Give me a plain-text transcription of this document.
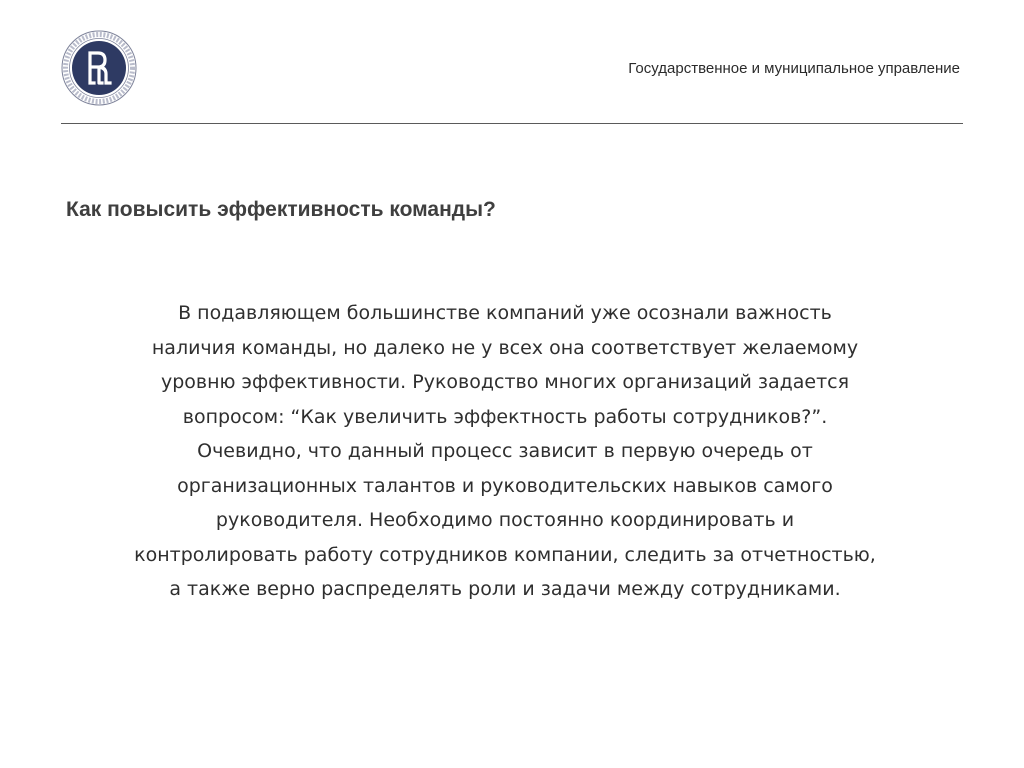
Государственное и муниципальное управление
Как повысить эффективность команды?
В подавляющем большинстве компаний уже осознали важность
наличия команды, но далеко не у всех она соответствует желаемому
уровню эффективности. Руководство многих организаций задается
вопросом: “Как увеличить эффектность работы сотрудников?”.
Очевидно, что данный процесс зависит в первую очередь от
организационных талантов и руководительских навыков самого
руководителя. Необходимо постоянно координировать и
контролировать работу сотрудников компании, следить за отчетностью,
а также верно распределять роли и задачи между сотрудниками.
